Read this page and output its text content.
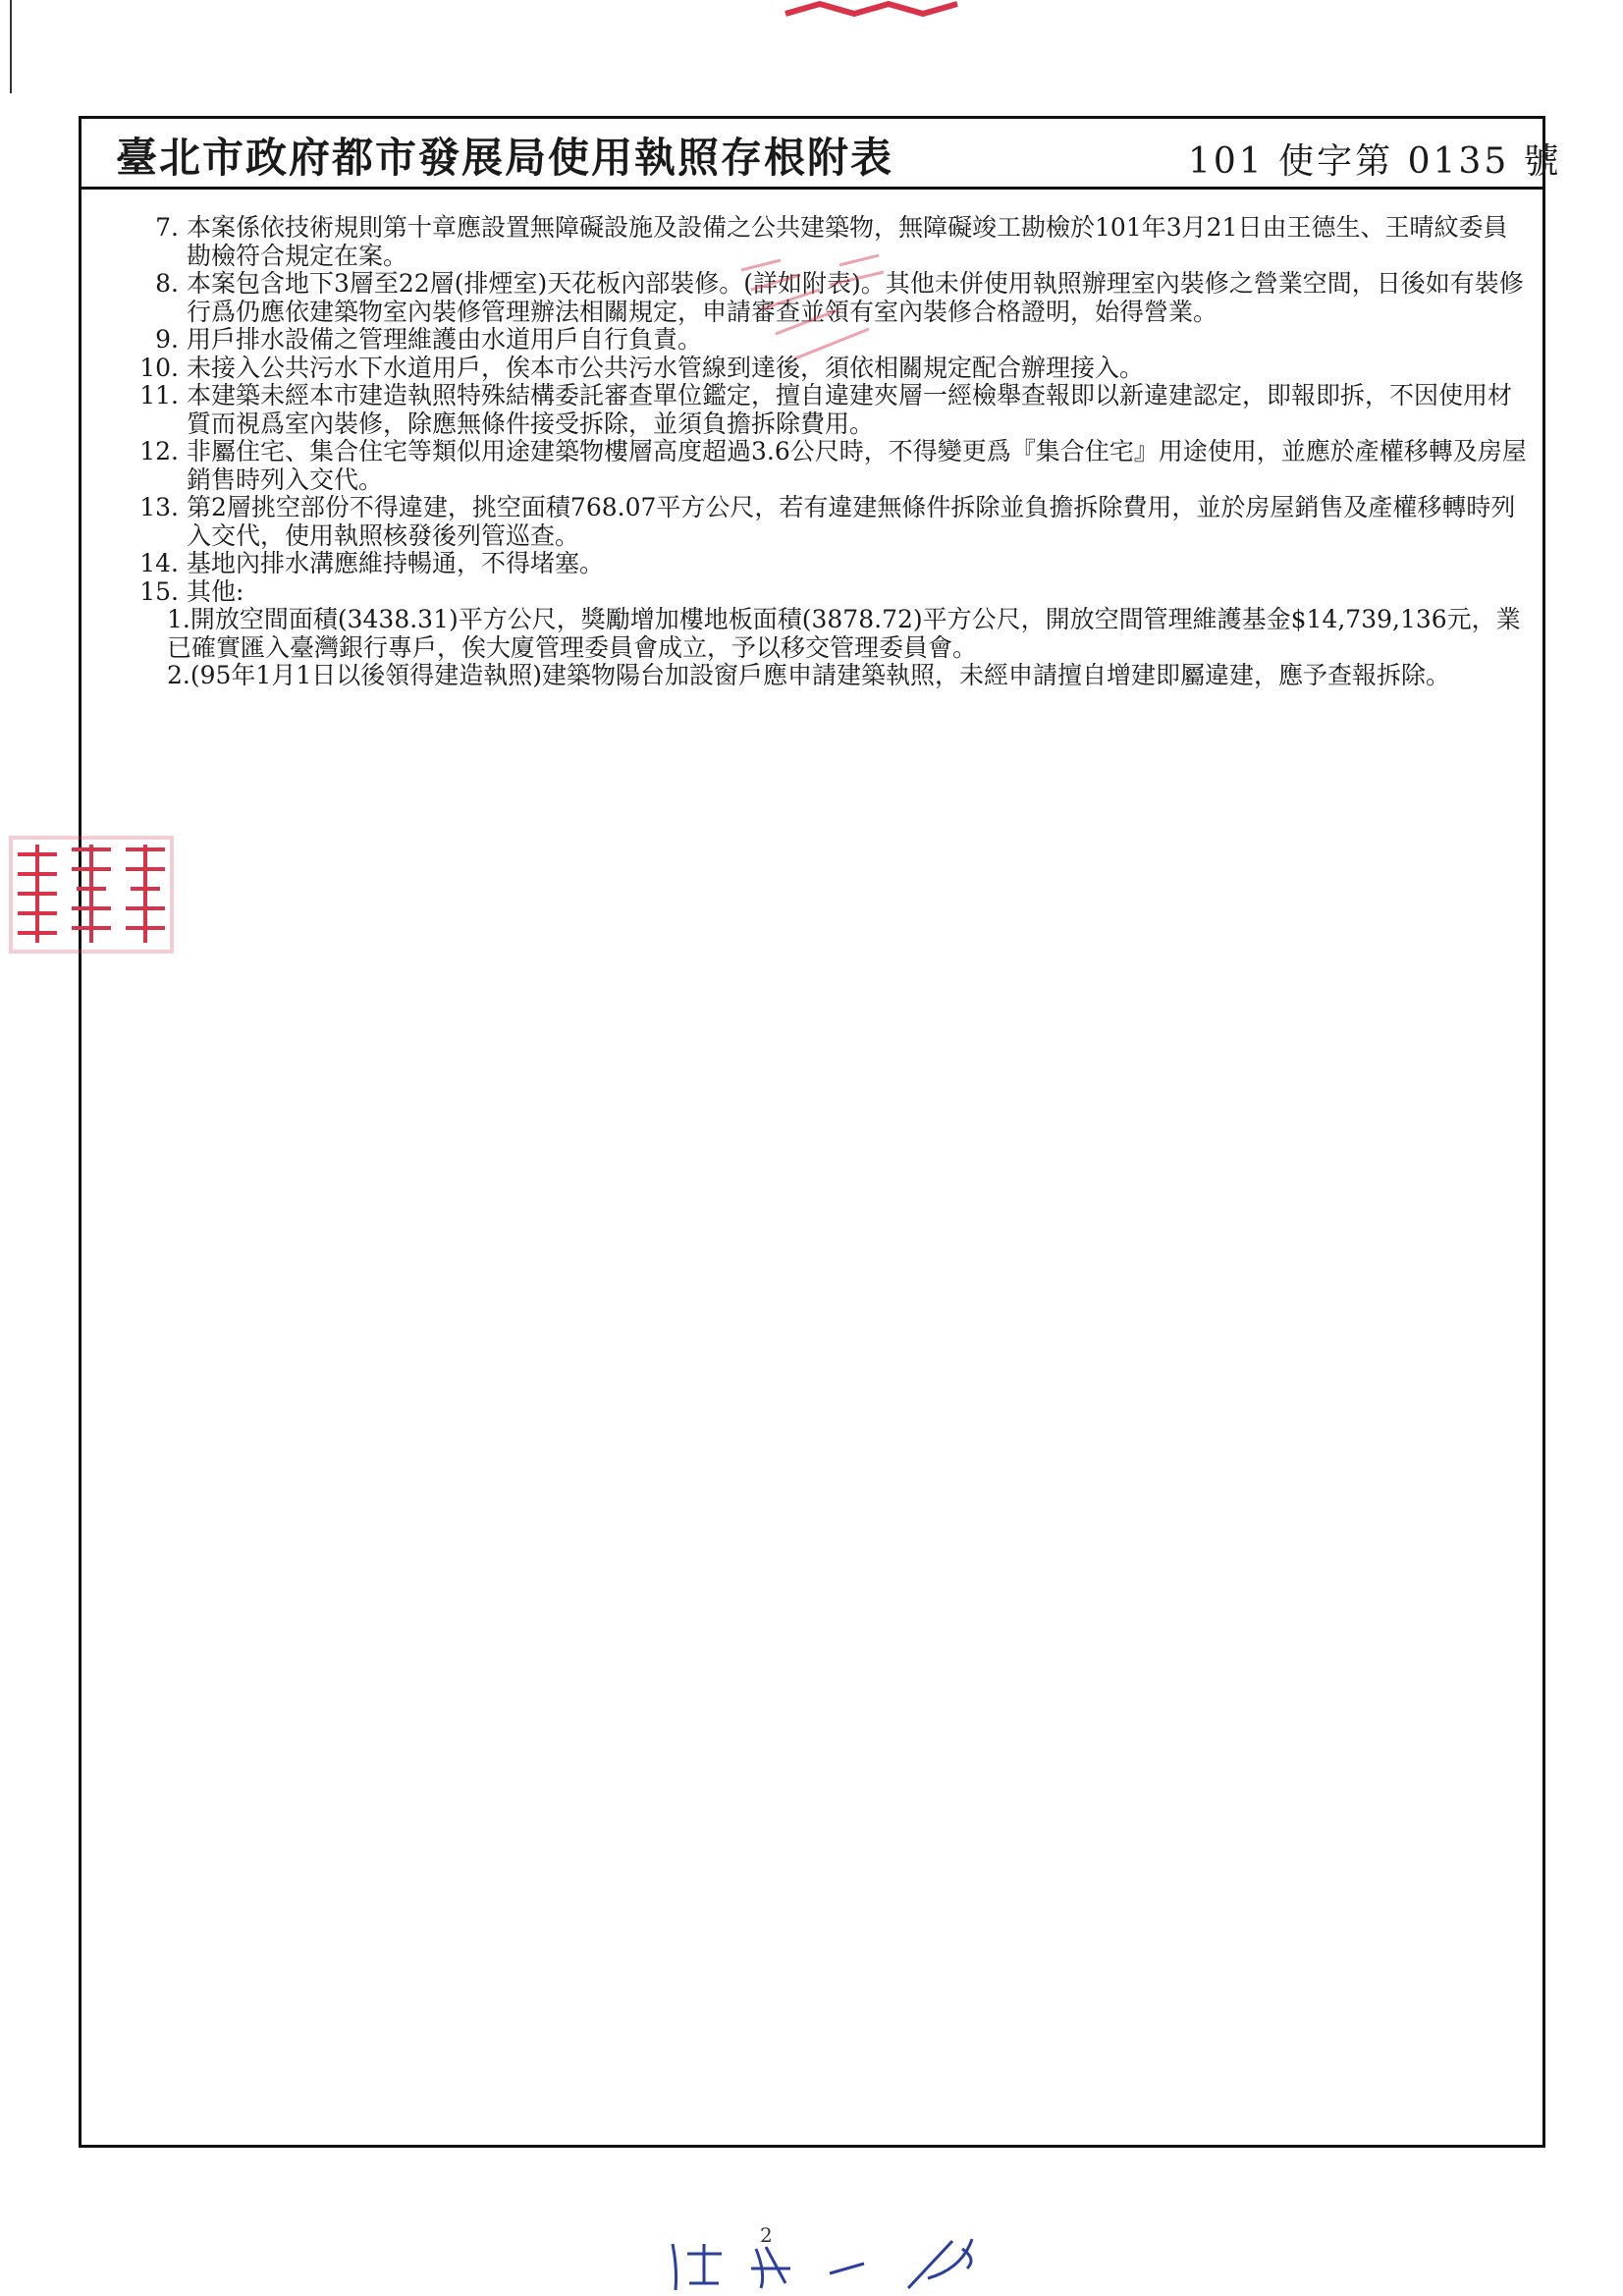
臺北市政府都市發展局使用執照存根附表	101 使字第 0135 號
7. 本案係依技術規則第十章應設置無障礙設施及設備之公共建築物，無障礙竣工勘檢於101年3月21日由王德生、王晴紋委員勘檢符合規定在案。
8. 本案包含地下3層至22層(排煙室)天花板內部裝修。(詳如附表)。其他未併使用執照辦理室內裝修之營業空間，日後如有裝修行爲仍應依建築物室內裝修管理辦法相關規定，申請審查並領有室內裝修合格證明，始得營業。
9. 用戶排水設備之管理維護由水道用戶自行負責。
10. 未接入公共污水下水道用戶，俟本市公共污水管線到達後，須依相關規定配合辦理接入。
11. 本建築未經本市建造執照特殊結構委託審查單位鑑定，擅自違建夾層一經檢舉查報即以新違建認定，即報即拆，不因使用材質而視爲室內裝修，除應無條件接受拆除，並須負擔拆除費用。
12. 非屬住宅、集合住宅等類似用途建築物樓層高度超過3.6公尺時，不得變更爲『集合住宅』用途使用，並應於產權移轉及房屋銷售時列入交代。
13. 第2層挑空部份不得違建，挑空面積768.07平方公尺，若有違建無條件拆除並負擔拆除費用，並於房屋銷售及產權移轉時列入交代，使用執照核發後列管巡查。
14. 基地內排水溝應維持暢通，不得堵塞。
15. 其他:
1.開放空間面積(3438.31)平方公尺，獎勵增加樓地板面積(3878.72)平方公尺，開放空間管理維護基金$14,739,136元，業已確實匯入臺灣銀行專戶，俟大廈管理委員會成立，予以移交管理委員會。
2.(95年1月1日以後領得建造執照)建築物陽台加設窗戶應申請建築執照，未經申請擅自增建即屬違建，應予查報拆除。
2
